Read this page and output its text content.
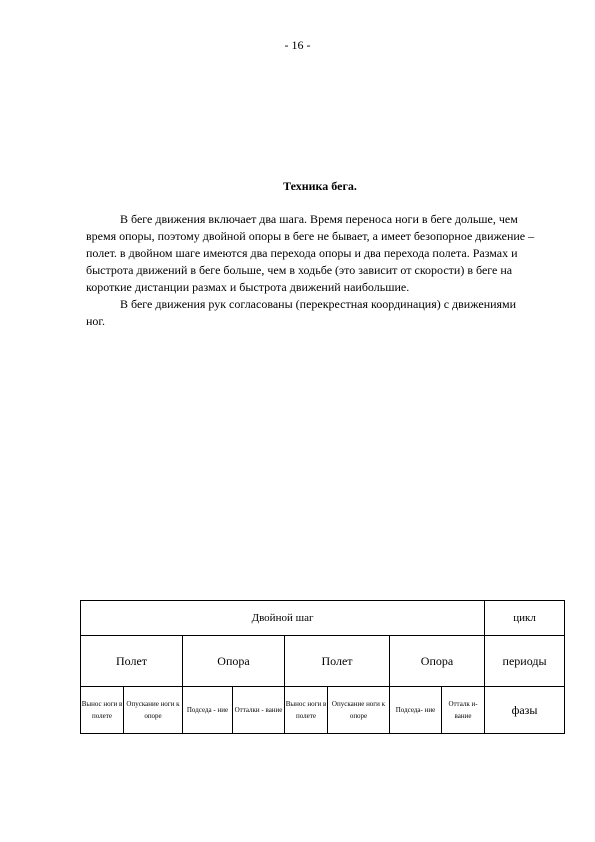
- 16 -
Техника бега.

В беге движения включает два шага. Время переноса ноги в беге дольше, чем время опоры, поэтому двойной опоры в беге не бывает, а имеет безопорное движение – полет. в двойном шаге имеются два перехода опоры и два перехода полета. Размах и быстрота движений в беге больше, чем в ходьбе (это зависит от скорости) в беге на короткие дистанции размах и быстрота движений наибольшие.

В беге движения рук согласованы (перекрестная координация) с движениями ног.

Двойной шаг								цикл
Полет		Опора		Полет		Опора		периоды
Вынос ноги в полете	Опускание ноги к опоре	Подседа - ние	Отталки - вание	Вынос ноги в полете	Опускание ноги к опоре	Подседа- ние	Отталк и- вание	фазы
